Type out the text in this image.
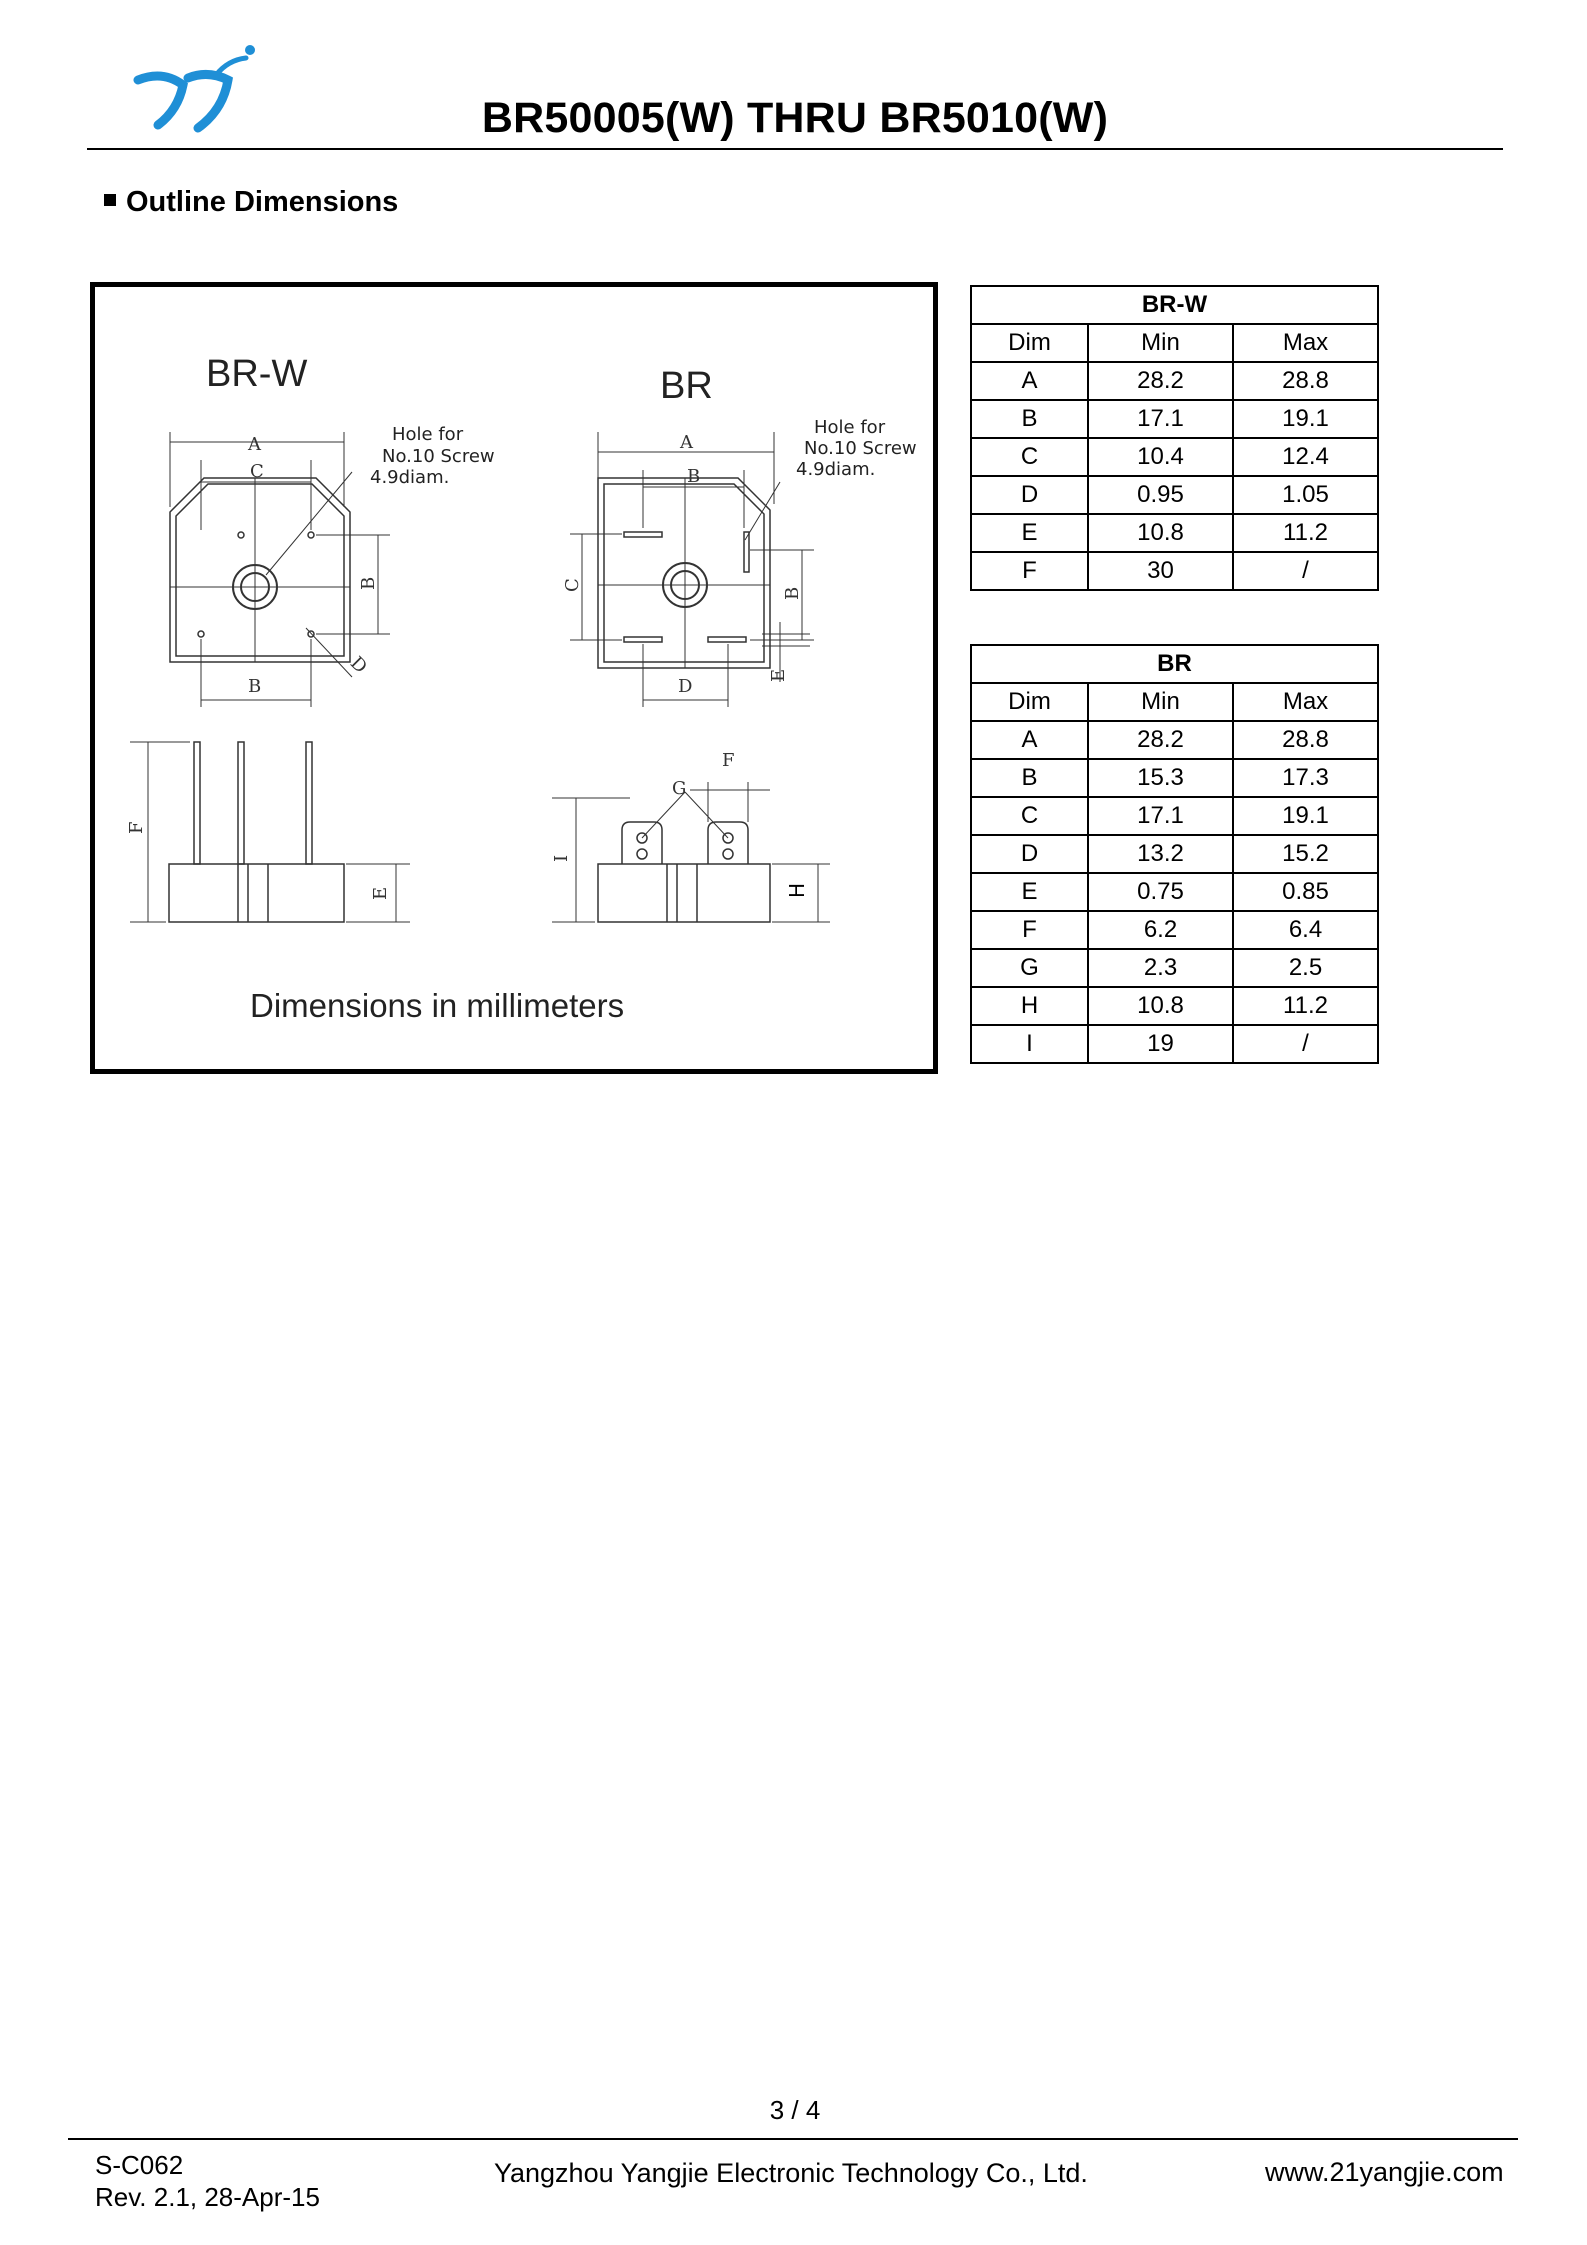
BR50005(W) THRU BR5010(W)
Outline Dimensions
BR-W	BR
A
C
B
B
D
Hole for
No.10 Screw
4.9diam.
A
B
C
D
B
E
Hole for
No.10 Screw
4.9diam.
F
E
G
F
I
H
Dimensions in millimeters
BR-W		
Dim	Min	Max
A	28.2	28.8
B	17.1	19.1
C	10.4	12.4
D	0.95	1.05
E	10.8	11.2
F	30	/
BR		
Dim	Min	Max
A	28.2	28.8
B	15.3	17.3
C	17.1	19.1
D	13.2	15.2
E	0.75	0.85
F	6.2	6.4
G	2.3	2.5
H	10.8	11.2
I	19	/
3 / 4
S-C062
Rev. 2.1, 28-Apr-15
Yangzhou Yangjie Electronic Technology Co., Ltd.	www.21yangjie.com
